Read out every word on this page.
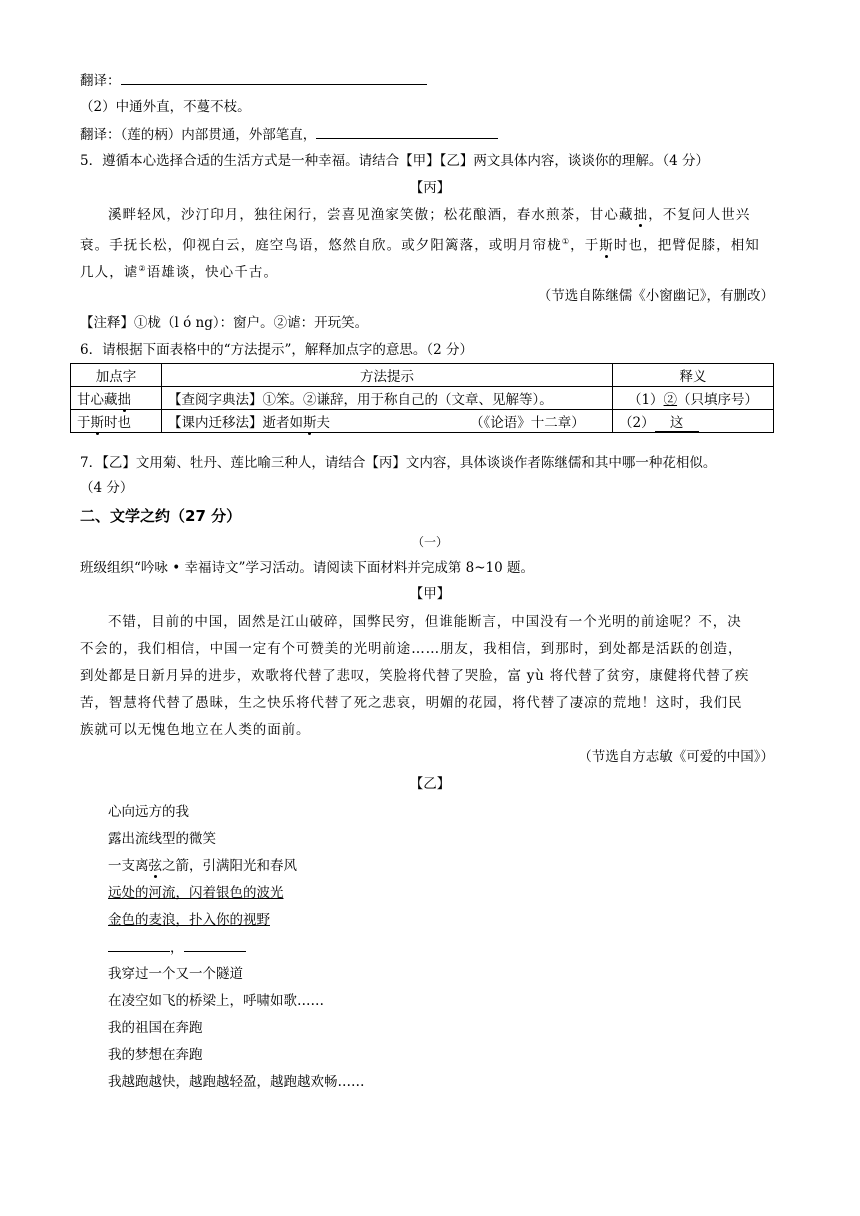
翻译：
（2）中通外直，不蔓不枝。
翻译：（莲的柄）内部贯通，外部笔直，
5．遵循本心选择合适的生活方式是一种幸福。请结合【甲】【乙】两文具体内容，谈谈你的理解。（4 分）
【丙】
溪畔轻风，沙汀印月，独往闲行，尝喜见渔家笑傲；松花酿酒，春水煎茶，甘心藏拙，不复问人世兴
衰。手抚长松，仰视白云，庭空鸟语，悠然自欣。或夕阳篱落，或明月帘栊①，于斯时也，把臂促膝，相知
几人，谑②语雄谈，快心千古。
（节选自陈继儒《小窗幽记》，有删改）
【注释】①栊（l ó ng）：窗户。②谑：开玩笑。
6．请根据下面表格中的“方法提示”，解释加点字的意思。（2 分）
加点字	方法提示	释义
甘心藏拙	【查阅字典法】①笨。②谦辞，用于称自己的（文章、见解等）。	（1）②（只填序号）
于斯时也	【课内迁移法】逝者如斯夫 （《论语》十二章）	（2） 这
7．【乙】文用菊、牡丹、莲比喻三种人，请结合【丙】文内容，具体谈谈作者陈继儒和其中哪一种花相似。
（4 分）
二、文学之约（27 分）
（一）
班级组织“吟咏 • 幸福诗文”学习活动。请阅读下面材料并完成第 8~10 题。
【甲】
不错，目前的中国，固然是江山破碎，国弊民穷，但谁能断言，中国没有一个光明的前途呢？不，决
不会的，我们相信，中国一定有个可赞美的光明前途……朋友，我相信，到那时，到处都是活跃的创造，
到处都是日新月异的进步，欢歌将代替了悲叹，笑脸将代替了哭脸，富 yù 将代替了贫穷，康健将代替了疾
苦，智慧将代替了愚昧，生之快乐将代替了死之悲哀，明媚的花园，将代替了凄凉的荒地！这时，我们民
族就可以无愧色地立在人类的面前。
（节选自方志敏《可爱的中国》）
【乙】
心向远方的我
露出流线型的微笑
一支离弦之箭，引满阳光和春风
远处的河流，闪着银色的波光
金色的麦浪，扑入你的视野
，
我穿过一个又一个隧道
在凌空如飞的桥梁上，呼啸如歌……
我的祖国在奔跑
我的梦想在奔跑
我越跑越快，越跑越轻盈，越跑越欢畅……
